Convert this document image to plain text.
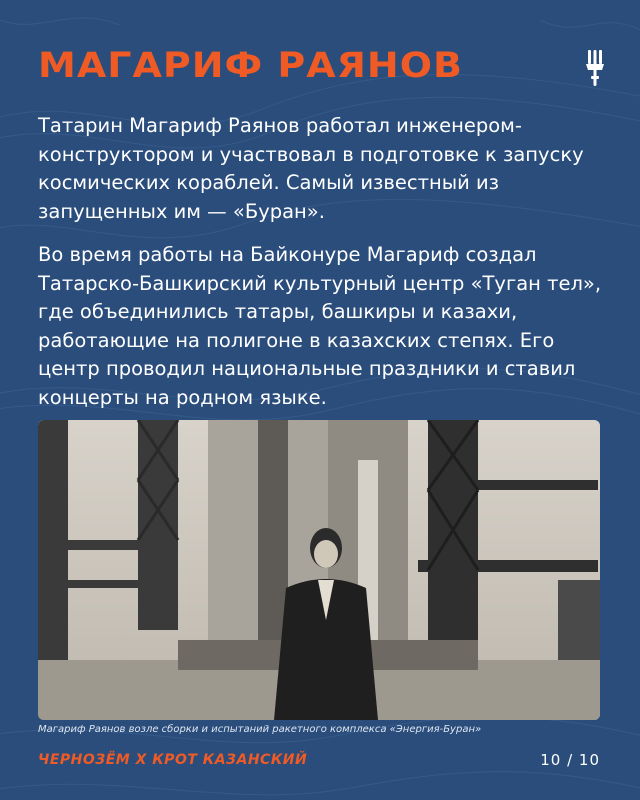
МАГАРИФ РАЯНОВ
Татарин Магариф Раянов работал инженером-конструктором и участвовал в подготовке к запуску космических кораблей. Самый известный из запущенных им — «Буран».
Во время работы на Байконуре Магариф создал Татарско-Башкирский культурный центр «Туган тел», где объединились татары, башкиры и казахи, работающие на полигоне в казахских степях. Его центр проводил национальные праздники и ставил концерты на родном языке.
Магариф Раянов возле сборки и испытаний ракетного комплекса «Энергия-Буран»
ЧЕРНОЗЁМ Х КРОТ КАЗАНСКИЙ	10 / 10
